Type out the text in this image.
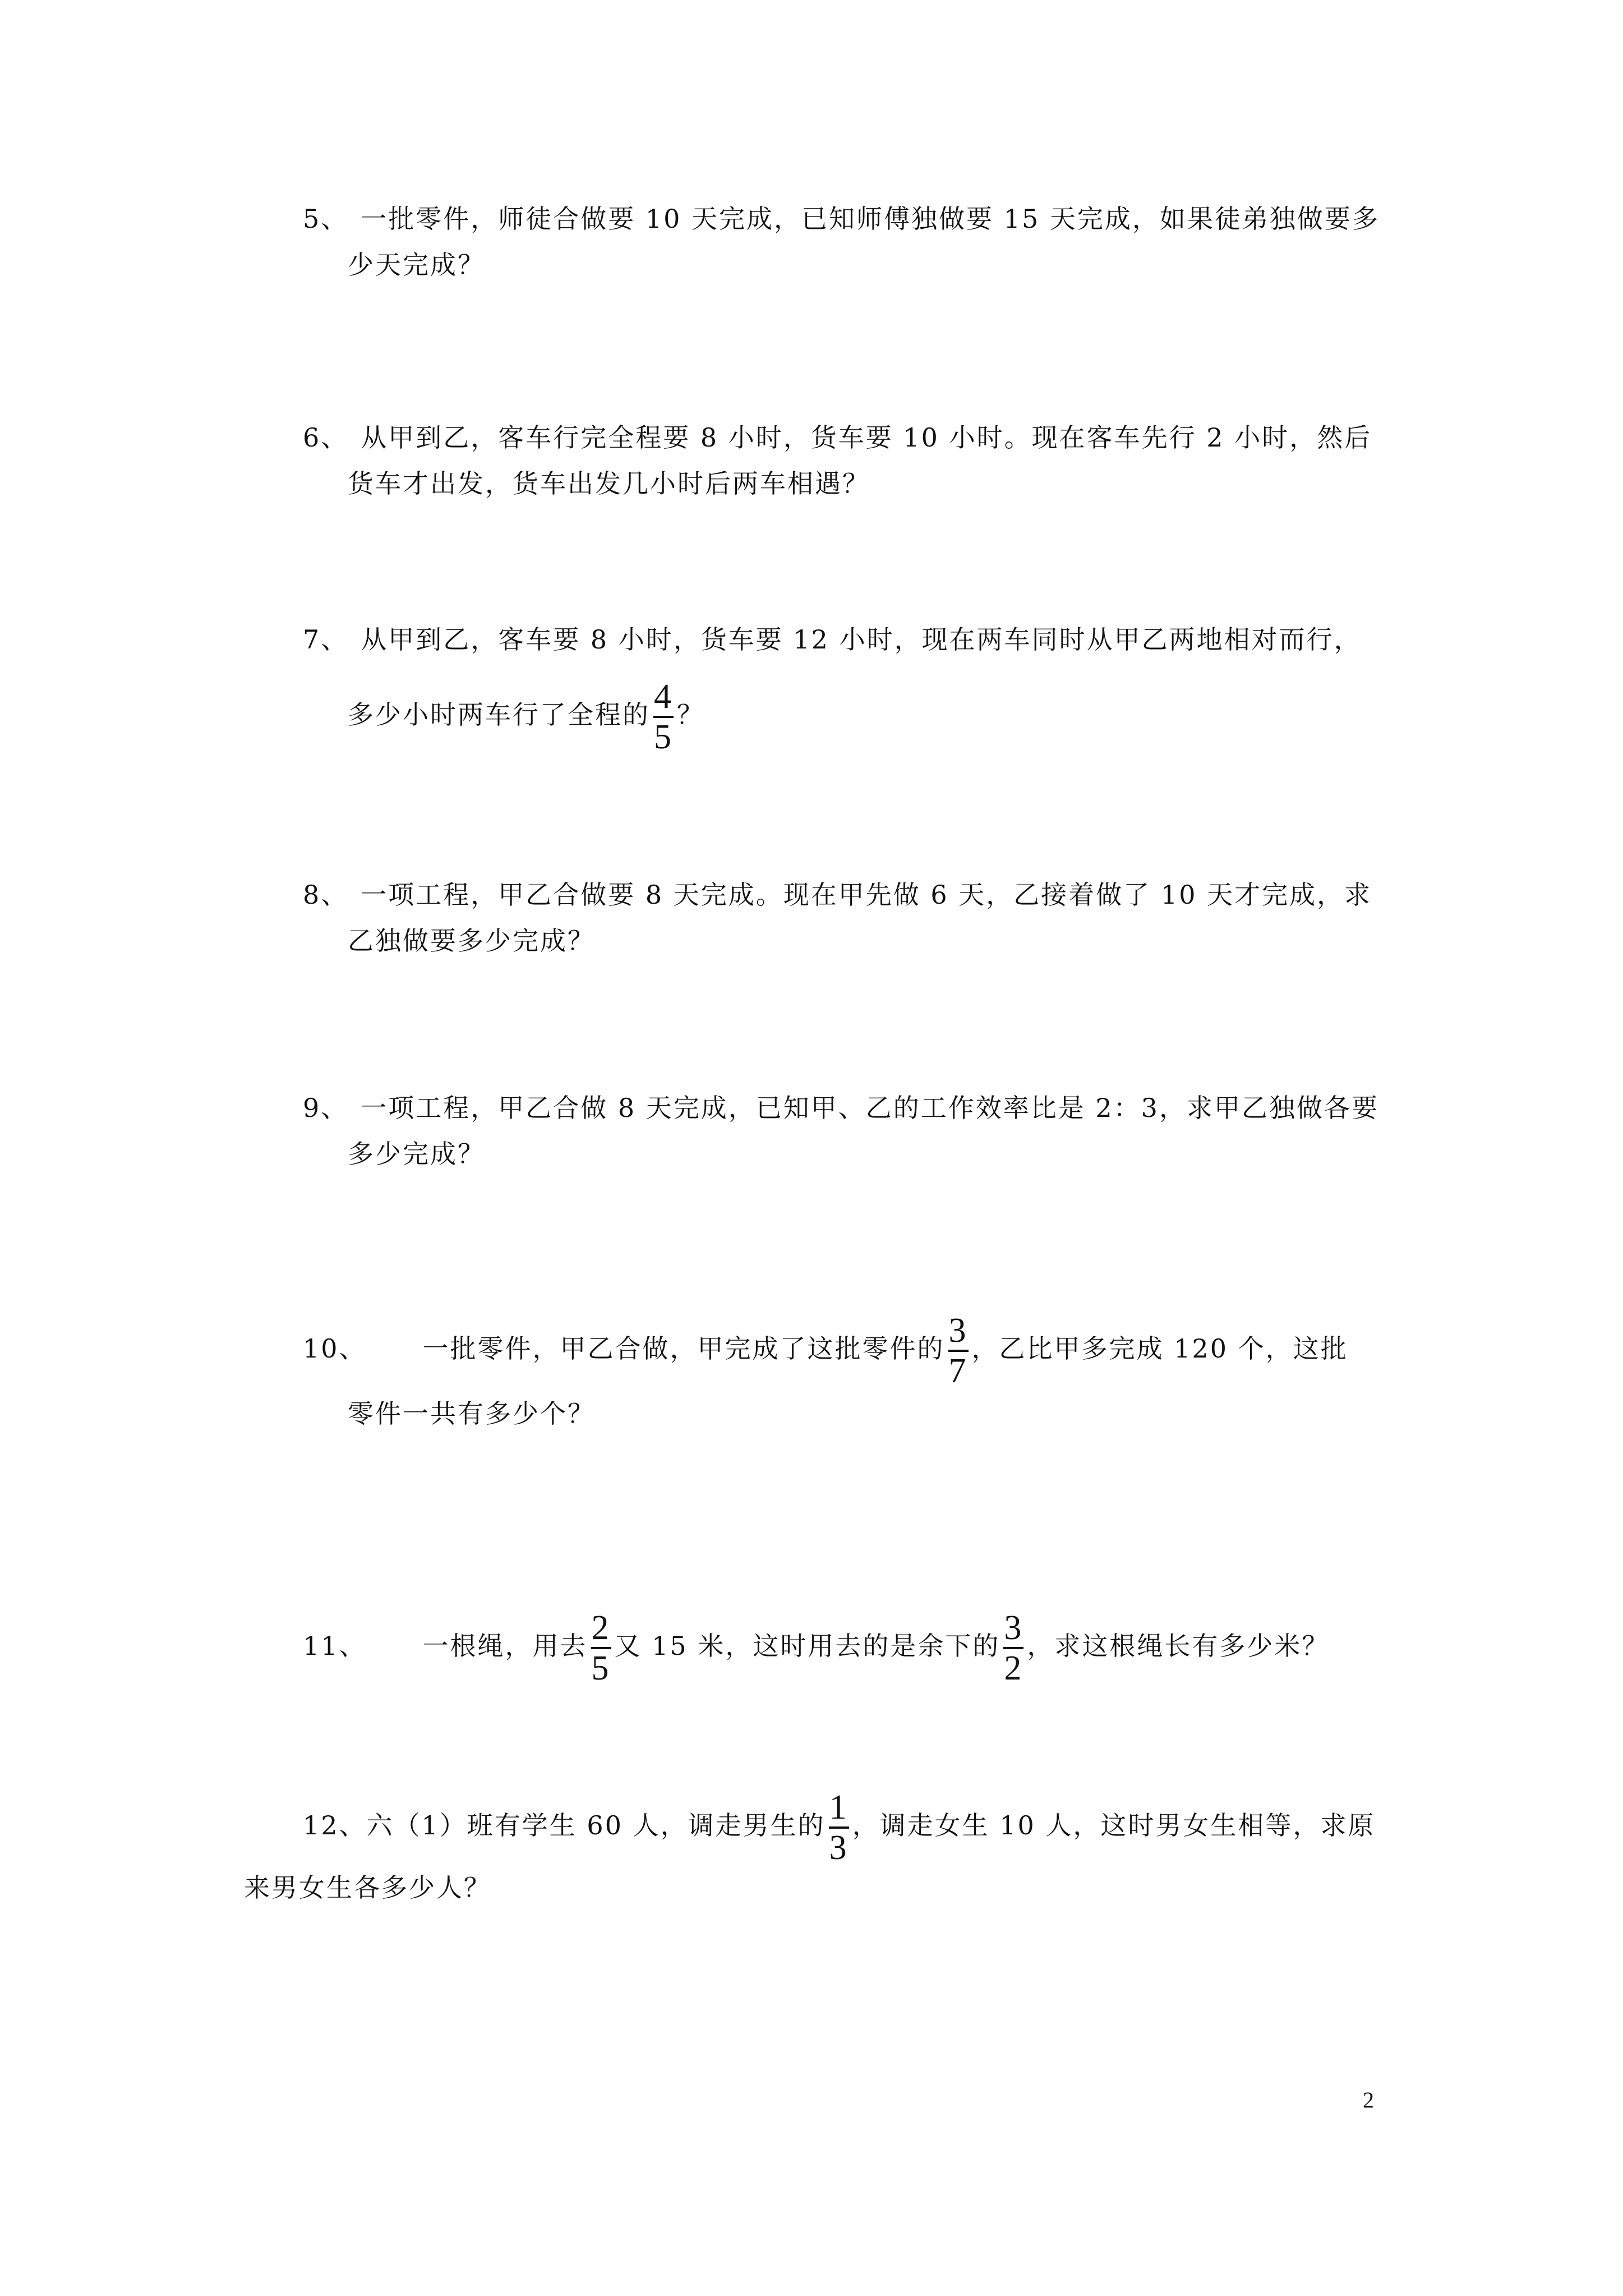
5、 一批零件，师徒合做要 10 天完成，已知师傅独做要 15 天完成，如果徒弟独做要多
少天完成？
6、 从甲到乙，客车行完全程要 8 小时，货车要 10 小时。现在客车先行 2 小时，然后
货车才出发，货车出发几小时后两车相遇？
7、 从甲到乙，客车要 8 小时，货车要 12 小时，现在两车同时从甲乙两地相对而行，
多少小时两车行了全程的 $\frac{4}{5}$ ？
8、 一项工程，甲乙合做要 8 天完成。现在甲先做 6 天，乙接着做了 10 天才完成，求
乙独做要多少完成？
9、 一项工程，甲乙合做 8 天完成，已知甲、乙的工作效率比是 2：3，求甲乙独做各要
多少完成？
10、 一批零件，甲乙合做，甲完成了这批零件的 $\frac{3}{7}$ ，乙比甲多完成 120 个，这批
零件一共有多少个？
11、 一根绳，用去 $\frac{2}{5}$ 又 15 米，这时用去的是余下的 $\frac{3}{2}$ ，求这根绳长有多少米？
12、六（1）班有学生 60 人，调走男生的 $\frac{1}{3}$ ，调走女生 10 人，这时男女生相等，求原
来男女生各多少人？
2
